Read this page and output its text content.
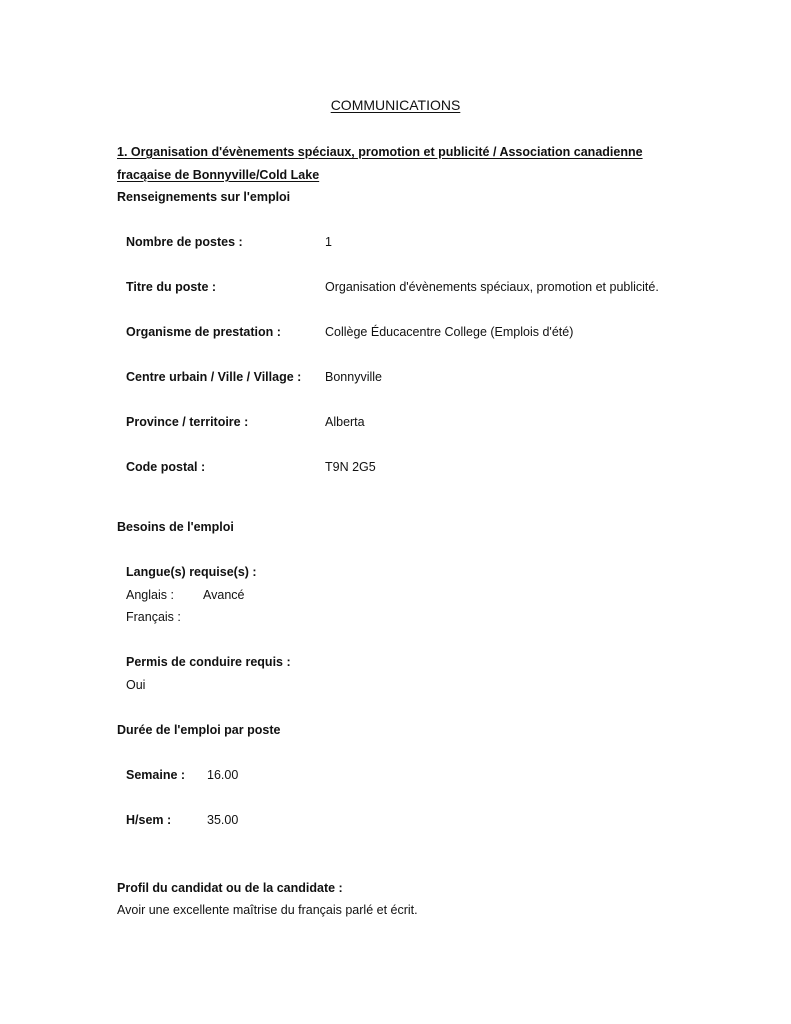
COMMUNICATIONS
1. Organisation d'évènements spéciaux, promotion et publicité / Association canadienne
fracąaise de Bonnyville/Cold Lake
Renseignements sur l'emploi
Nombre de postes :	1
Titre du poste :	Organisation d'évènements spéciaux, promotion et publicité.
Organisme de prestation :	Collège Éducacentre College (Emplois d'été)
Centre urbain / Ville / Village : Bonnyville
Province / territoire :	Alberta
Code postal :	T9N 2G5
Besoins de l'emploi
Langue(s) requise(s) :
Anglais : Avancé
Français :
Permis de conduire requis :
Oui
Durée de l'emploi par poste
Semaine : 16.00
H/sem :	35.00
Profil du candidat ou de la candidate :
Avoir une excellente maîtrise du français parlé et écrit.
